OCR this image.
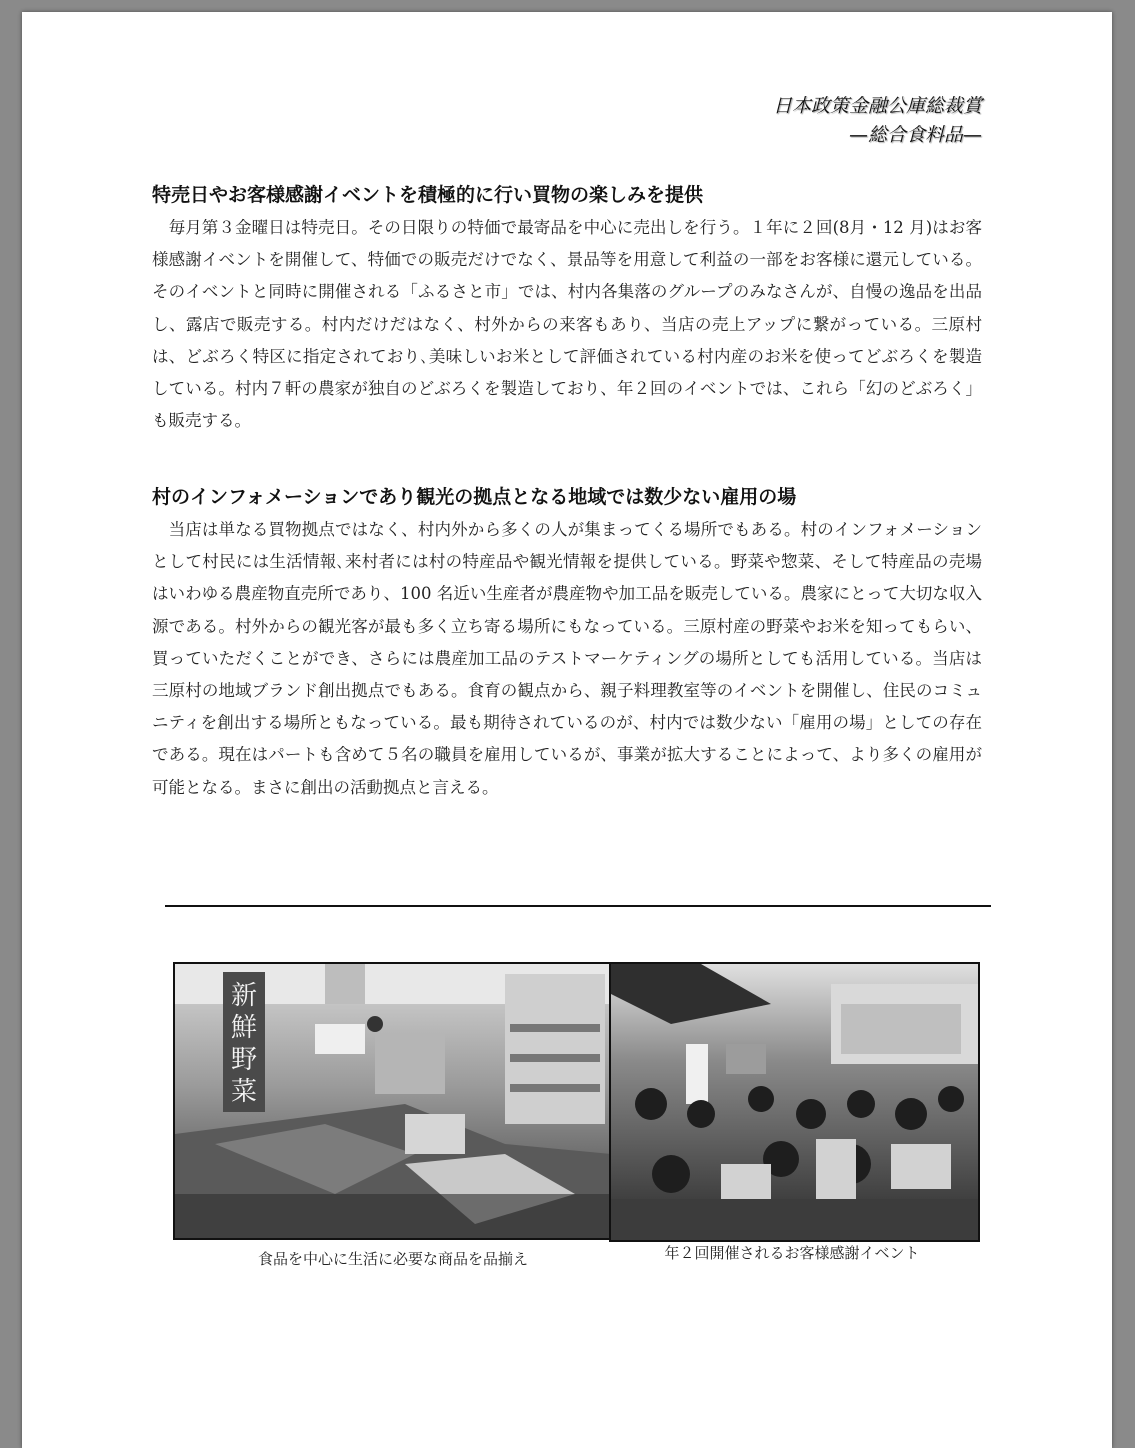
日本政策金融公庫総裁賞
—総合食料品—
特売日やお客様感謝イベントを積極的に行い買物の楽しみを提供

　毎月第３金曜日は特売日。その日限りの特価で最寄品を中心に売出しを行う。１年に２回(8月・12 月)はお客様感謝イベントを開催して、特価での販売だけでなく、景品等を用意して利益の一部をお客様に還元している。そのイベントと同時に開催される「ふるさと市」では、村内各集落のグループのみなさんが、自慢の逸品を出品し、露店で販売する。村内だけだはなく、村外からの来客もあり、当店の売上アップに繋がっている。三原村は、どぶろく特区に指定されており､美味しいお米として評価されている村内産のお米を使ってどぶろくを製造している。村内７軒の農家が独自のどぶろくを製造しており、年２回のイベントでは、これら「幻のどぶろく」も販売する。

村のインフォメーションであり観光の拠点となる地域では数少ない雇用の場

　当店は単なる買物拠点ではなく、村内外から多くの人が集まってくる場所でもある。村のインフォメーションとして村民には生活情報､来村者には村の特産品や観光情報を提供している。野菜や惣菜、そして特産品の売場はいわゆる農産物直売所であり、100 名近い生産者が農産物や加工品を販売している。農家にとって大切な収入源である。村外からの観光客が最も多く立ち寄る場所にもなっている。三原村産の野菜やお米を知ってもらい、買っていただくことができ、さらには農産加工品のテストマーケティングの場所としても活用している。当店は三原村の地域ブランド創出拠点でもある。食育の観点から、親子料理教室等のイベントを開催し、住民のコミュニティを創出する場所ともなっている。最も期待されているのが、村内では数少ない「雇用の場」としての存在である。現在はパートも含めて５名の職員を雇用しているが、事業が拡大することによって、より多くの雇用が可能となる。まさに創出の活動拠点と言える。

新
鮮
野
菜
食品を中心に生活に必要な商品を品揃え	年２回開催されるお客様感謝イベント
